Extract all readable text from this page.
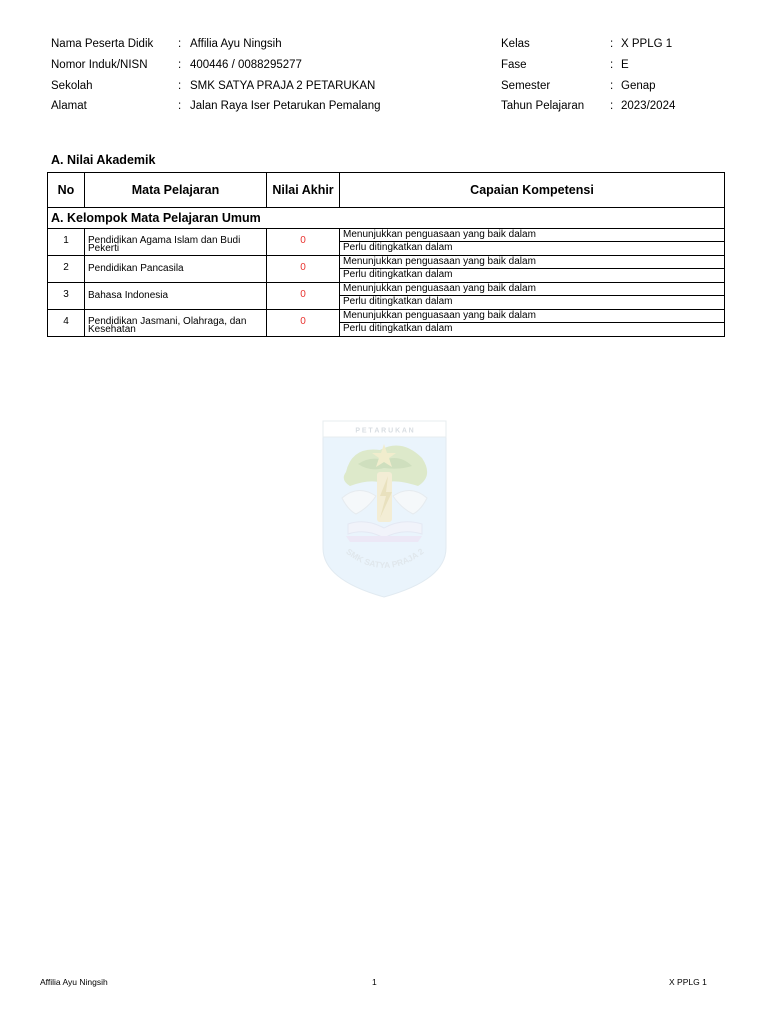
Nama Peserta Didik : Affilia Ayu Ningsih
Nomor Induk/NISN	: 400446 / 0088295277
Sekolah	: SMK SATYA PRAJA 2 PETARUKAN
Alamat	: Jalan Raya Iser Petarukan Pemalang
Kelas	: X PPLG 1
Fase	: E
Semester	: Genap
Tahun Pelajaran : 2023/2024
A. Nilai Akademik
No	Mata Pelajaran	Nilai Akhir	Capaian Kompetensi
A. Kelompok Mata Pelajaran Umum			
1	Pendidikan Agama Islam dan Budi Pekerti	0	Menunjukkan penguasaan yang baik dalam
Perlu ditingkatkan dalam

2	Pendidikan Pancasila	0	Menunjukkan penguasaan yang baik dalam
Perlu ditingkatkan dalam

3	Bahasa Indonesia	0	Menunjukkan penguasaan yang baik dalam
Perlu ditingkatkan dalam

4	Pendidikan Jasmani, Olahraga, dan Kesehatan	0	Menunjukkan penguasaan yang baik dalam
Perlu ditingkatkan dalam
P E T A R U K A N
SMK SATYA PRAJA 2
Affilia Ayu Ningsih	1	X PPLG 1
